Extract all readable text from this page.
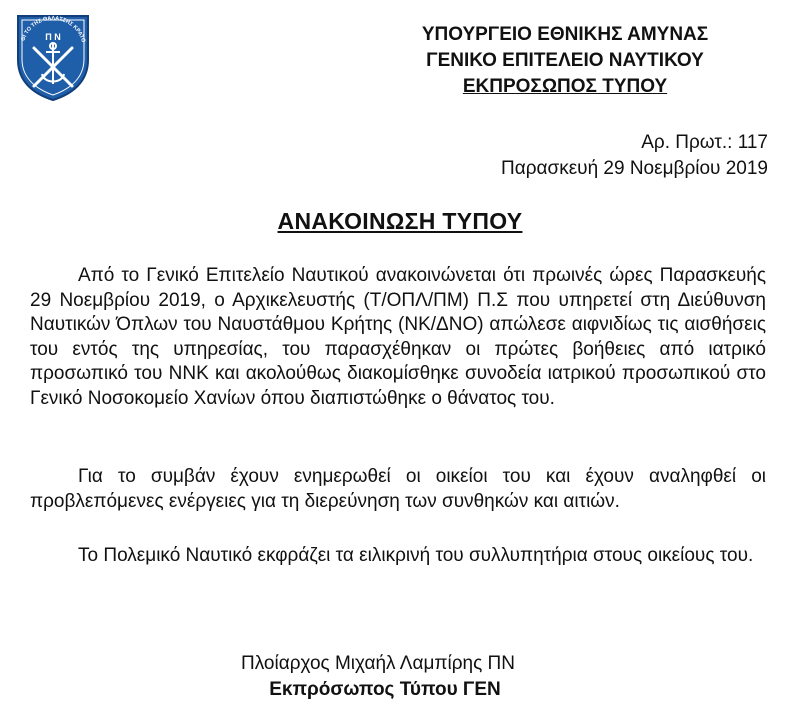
ΘΙ ΤΟ ΤΗΣ ΘΑΛΑΣΣΗΣ ΚΡΑΤΟ
Π Ν	ΥΠΟΥΡΓΕΙΟ ΕΘΝΙΚΗΣ ΑΜΥΝΑΣ
ΓΕΝΙΚΟ ΕΠΙΤΕΛΕΙΟ ΝΑΥΤΙΚΟΥ
ΕΚΠΡΟΣΩΠΟΣ ΤΥΠΟΥ
Αρ. Πρωτ.: 117
Παρασκευή 29 Νοεμβρίου 2019
ΑΝΑΚΟΙΝΩΣΗ ΤΥΠΟΥ

Από το Γενικό Επιτελείο Ναυτικού ανακοινώνεται ότι πρωινές ώρες Παρασκευής 29 Νοεμβρίου 2019, ο Αρχικελευστής (Τ/ΟΠΛ/ΠΜ) Π.Σ που υπηρετεί στη Διεύθυνση Ναυτικών Όπλων του Ναυστάθμου Κρήτης (ΝΚ/ΔΝΟ) απώλεσε αιφνιδίως τις αισθήσεις του εντός της υπηρεσίας, του παρασχέθηκαν οι πρώτες βοήθειες από ιατρικό προσωπικό του ΝΝΚ και ακολούθως διακομίσθηκε συνοδεία ιατρικού προσωπικού στο Γενικό Νοσοκομείο Χανίων όπου διαπιστώθηκε ο θάνατος του.

Για το συμβάν έχουν ενημερωθεί οι οικείοι του και έχουν αναληφθεί οι προβλεπόμενες ενέργειες για τη διερεύνηση των συνθηκών και αιτιών.

Το Πολεμικό Ναυτικό εκφράζει τα ειλικρινή του συλλυπητήρια στους οικείους του.

Πλοίαρχος Μιχαήλ Λαμπίρης ΠΝ
Εκπρόσωπος Τύπου ΓΕΝ
